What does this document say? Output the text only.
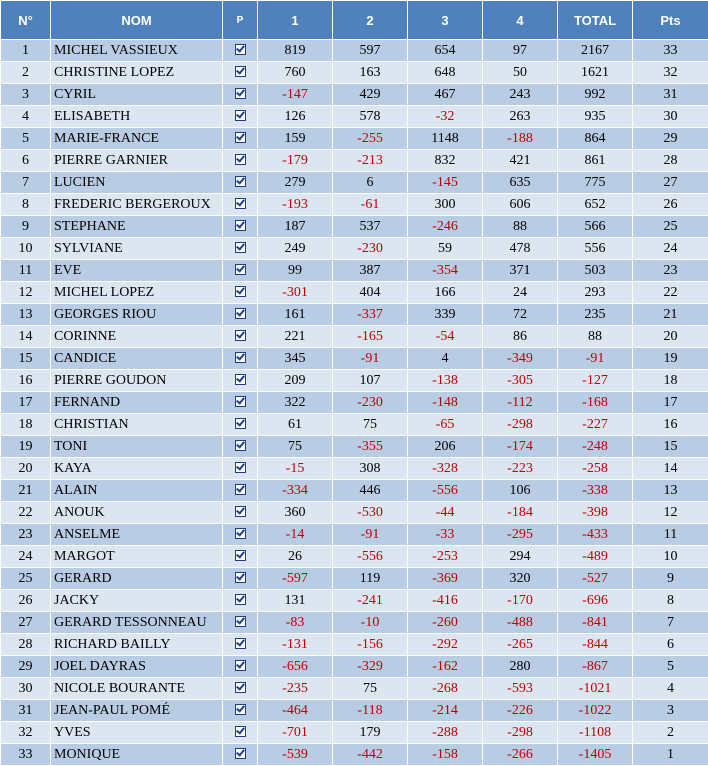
N°	NOM	P	1	2	3	4	TOTAL	Pts
1	MICHEL VASSIEUX		819	597	654	97	2167	33
2	CHRISTINE LOPEZ		760	163	648	50	1621	32
3	CYRIL		-147	429	467	243	992	31
4	ELISABETH		126	578	-32	263	935	30
5	MARIE-FRANCE		159	-255	1148	-188	864	29
6	PIERRE GARNIER		-179	-213	832	421	861	28
7	LUCIEN		279	6	-145	635	775	27
8	FREDERIC BERGEROUX		-193	-61	300	606	652	26
9	STEPHANE		187	537	-246	88	566	25
10	SYLVIANE		249	-230	59	478	556	24
11	EVE		99	387	-354	371	503	23
12	MICHEL LOPEZ		-301	404	166	24	293	22
13	GEORGES RIOU		161	-337	339	72	235	21
14	CORINNE		221	-165	-54	86	88	20
15	CANDICE		345	-91	4	-349	-91	19
16	PIERRE GOUDON		209	107	-138	-305	-127	18
17	FERNAND		322	-230	-148	-112	-168	17
18	CHRISTIAN		61	75	-65	-298	-227	16
19	TONI		75	-355	206	-174	-248	15
20	KAYA		-15	308	-328	-223	-258	14
21	ALAIN		-334	446	-556	106	-338	13
22	ANOUK		360	-530	-44	-184	-398	12
23	ANSELME		-14	-91	-33	-295	-433	11
24	MARGOT		26	-556	-253	294	-489	10
25	GERARD		-597	119	-369	320	-527	9
26	JACKY		131	-241	-416	-170	-696	8
27	GERARD TESSONNEAU		-83	-10	-260	-488	-841	7
28	RICHARD BAILLY		-131	-156	-292	-265	-844	6
29	JOEL DAYRAS		-656	-329	-162	280	-867	5
30	NICOLE BOURANTE		-235	75	-268	-593	-1021	4
31	JEAN-PAUL POMÉ		-464	-118	-214	-226	-1022	3
32	YVES		-701	179	-288	-298	-1108	2
33	MONIQUE		-539	-442	-158	-266	-1405	1
